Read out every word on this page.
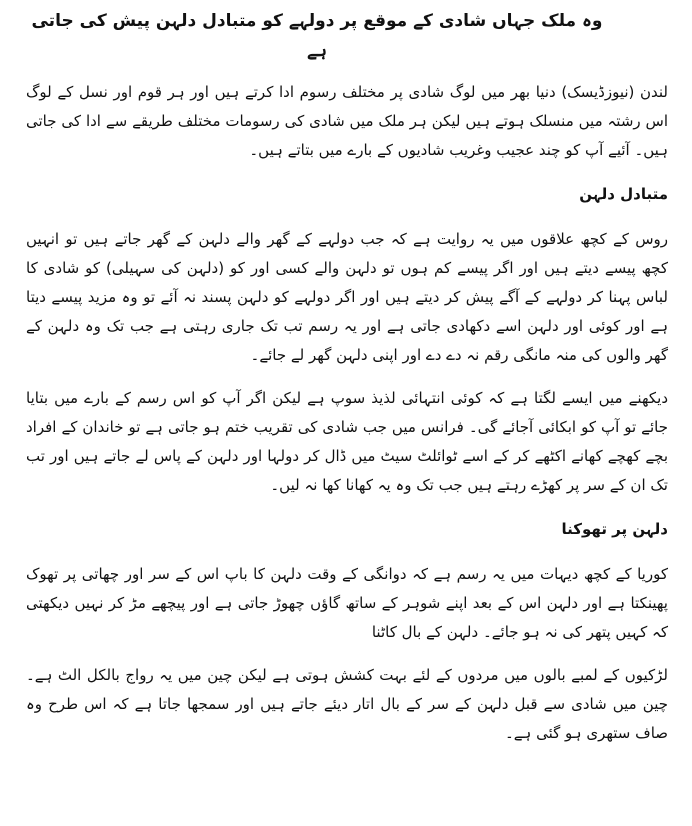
وہ ملک جہاں شادی کے موقع پر دولہے کو متبادل دلہن پیش کی جاتی ہے

لندن (نیوزڈیسک) دنیا بھر میں لوگ شادی پر مختلف رسوم ادا کرتے ہیں اور ہر قوم اور نسل کے لوگ اس رشتہ میں منسلک ہوتے ہیں لیکن ہر ملک میں شادی کی رسومات مختلف طریقے سے ادا کی جاتی ہیں۔ آئیے آپ کو چند عجیب وغریب شادیوں کے بارے میں بتاتے ہیں۔

متبادل دلہن

روس کے کچھ علاقوں میں یہ روایت ہے کہ جب دولہے کے گھر والے دلہن کے گھر جاتے ہیں تو انہیں کچھ پیسے دیتے ہیں اور اگر پیسے کم ہوں تو دلہن والے کسی اور کو (دلہن کی سہیلی) کو شادی کا لباس پہنا کر دولہے کے آگے پیش کر دیتے ہیں اور اگر دولہے کو دلہن پسند نہ آئے تو وہ مزید پیسے دیتا ہے اور کوئی اور دلہن اسے دکھادی جاتی ہے اور یہ رسم تب تک جاری رہتی ہے جب تک وہ دلہن کے گھر والوں کی منہ مانگی رقم نہ دے دے اور اپنی دلہن گھر لے جائے۔

دیکھنے میں ایسے لگتا ہے کہ کوئی انتہائی لذیذ سوپ ہے لیکن اگر آپ کو اس رسم کے بارے میں بتایا جائے تو آپ کو ابکائی آجائے گی۔ فرانس میں جب شادی کی تقریب ختم ہو جاتی ہے تو خاندان کے افراد بچے کھچے کھانے اکٹھے کر کے اسے ٹوائلٹ سیٹ میں ڈال کر دولہا اور دلہن کے پاس لے جاتے ہیں اور تب تک ان کے سر پر کھڑے رہتے ہیں جب تک وہ یہ کھانا کھا نہ لیں۔

دلہن پر تھوکنا

کوریا کے کچھ دیہات میں یہ رسم ہے کہ دوانگی کے وقت دلہن کا باپ اس کے سر اور چھاتی پر تھوک پھینکتا ہے اور دلہن اس کے بعد اپنے شوہر کے ساتھ گاؤں چھوڑ جاتی ہے اور پیچھے مڑ کر نہیں دیکھتی کہ کہیں پتھر کی نہ ہو جائے۔ دلہن کے بال کاٹنا

لڑکیوں کے لمبے بالوں میں مردوں کے لئے بہت کشش ہوتی ہے لیکن چین میں یہ رواج بالکل الٹ ہے۔ چین میں شادی سے قبل دلہن کے سر کے بال اتار دیئے جاتے ہیں اور سمجھا جاتا ہے کہ اس طرح وہ صاف ستھری ہو گئی ہے۔
